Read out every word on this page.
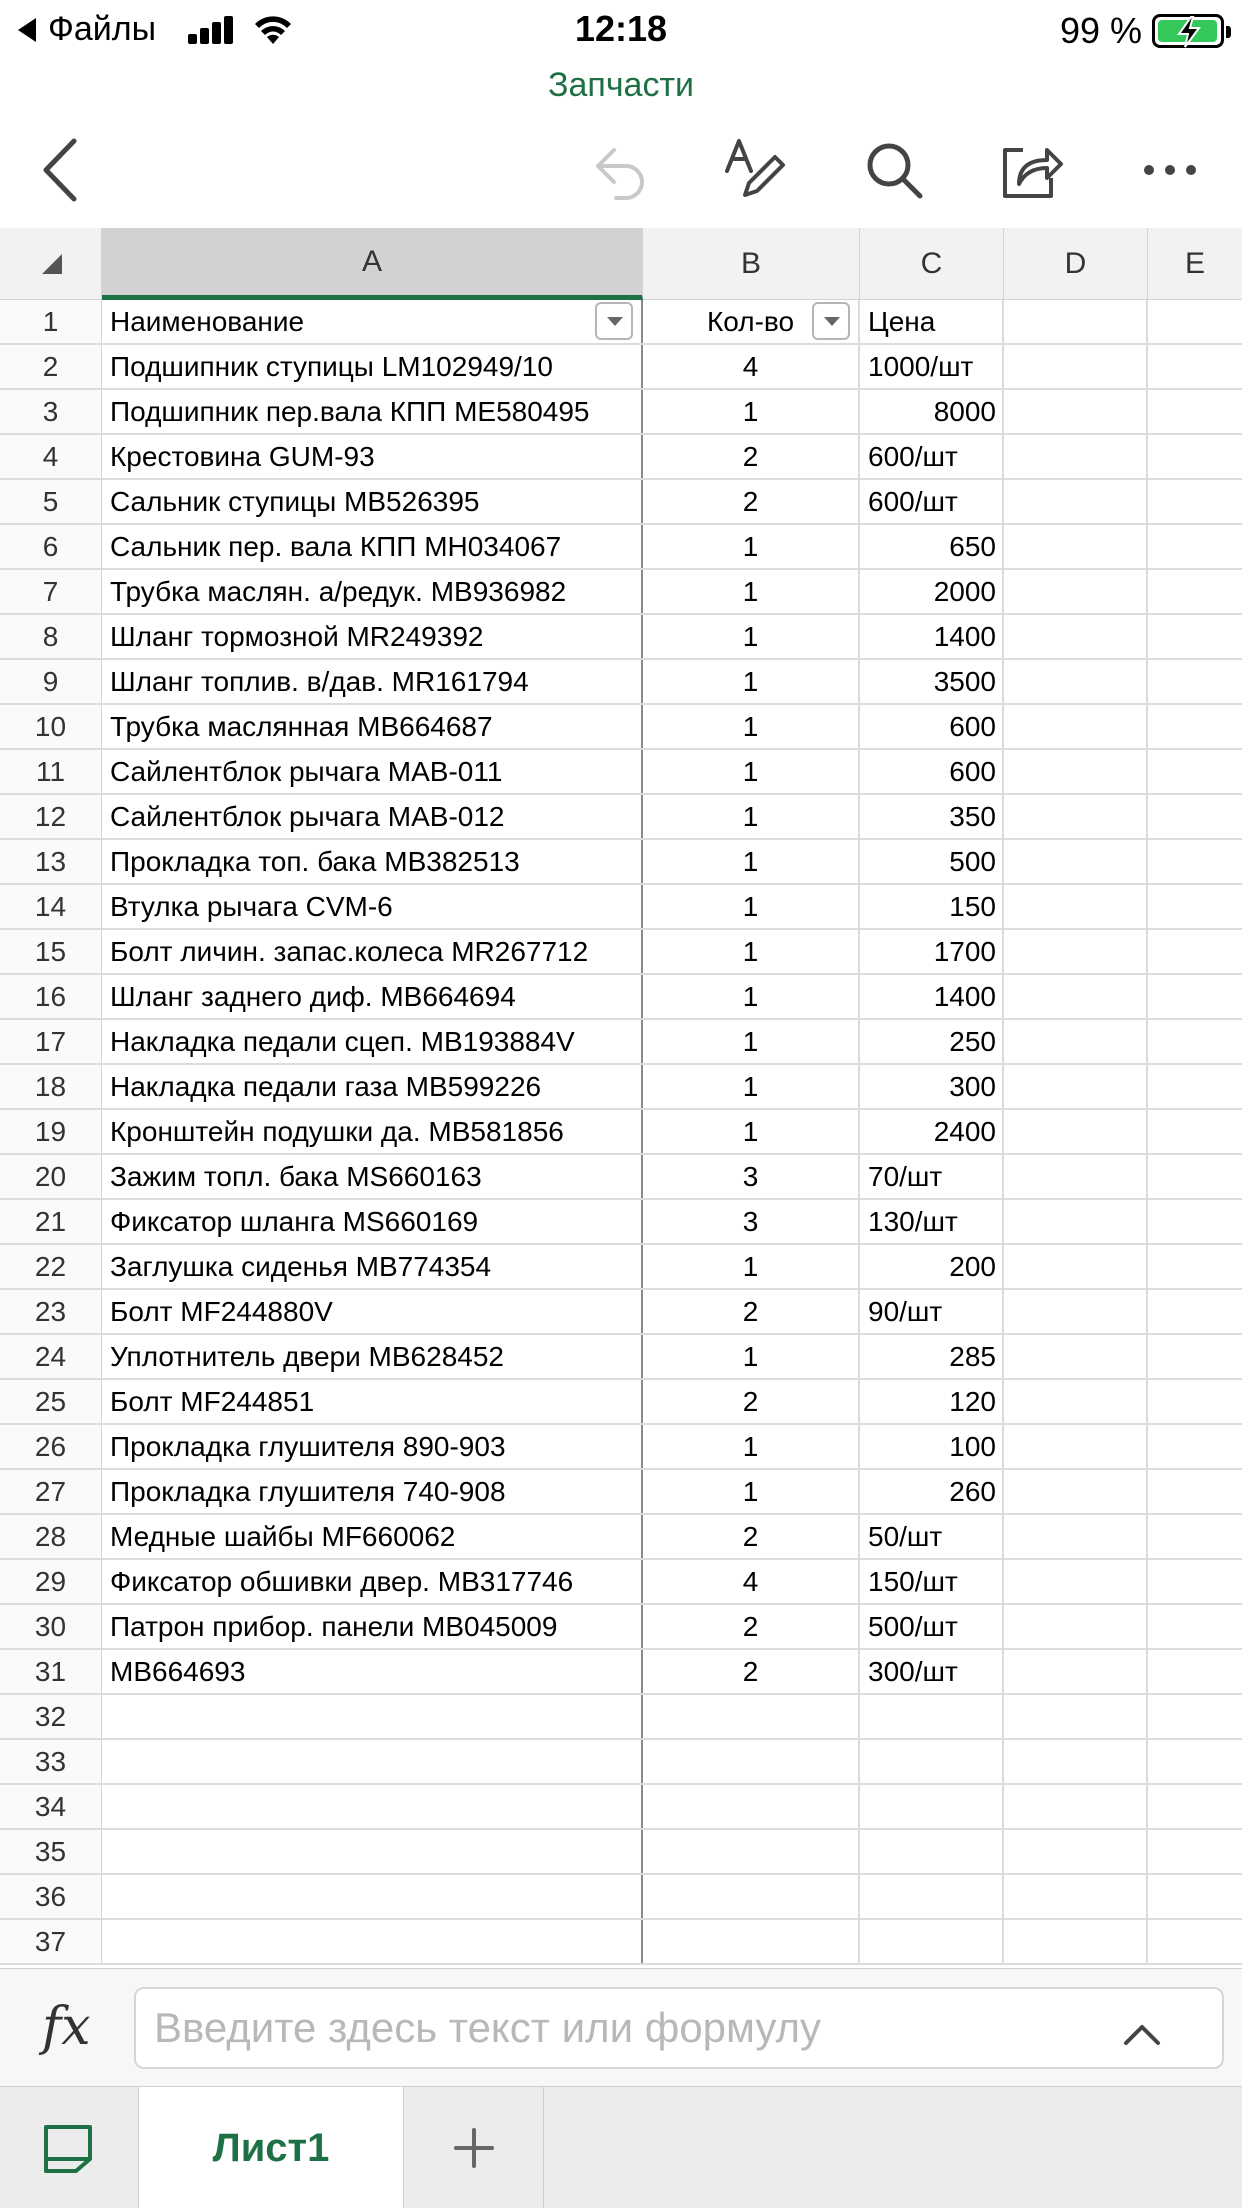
Файлы	12:18	99 %
Запчасти
A	B	C	D	E
1	Наименование	Кол-во	Цена
2	Подшипник ступицы LM102949/10	4	1000/шт
3	Подшипник пер.вала КПП ME580495	1	8000
4	Крестовина GUM-93	2	600/шт
5	Сальник ступицы MB526395	2	600/шт
6	Сальник пер. вала КПП MH034067	1	650
7	Трубка маслян. а/редук. MB936982	1	2000
8	Шланг тормозной MR249392	1	1400
9	Шланг топлив. в/дав. MR161794	1	3500
10	Трубка маслянная MB664687	1	600
11	Сайлентблок рычага MAB-011	1	600
12	Сайлентблок рычага MAB-012	1	350
13	Прокладка топ. бака MB382513	1	500
14	Втулка рычага CVM-6	1	150
15	Болт личин. запас.колеса MR267712	1	1700
16	Шланг заднего диф. MB664694	1	1400
17	Накладка педали сцеп. MB193884V	1	250
18	Накладка педали газа MB599226	1	300
19	Кронштейн подушки да. MB581856	1	2400
20	Зажим топл. бака MS660163	3	70/шт
21	Фиксатор шланга MS660169	3	130/шт
22	Заглушка сиденья MB774354	1	200
23	Болт MF244880V	2	90/шт
24	Уплотнитель двери MB628452	1	285
25	Болт MF244851	2	120
26	Прокладка глушителя 890-903	1	100
27	Прокладка глушителя 740-908	1	260
28	Медные шайбы MF660062	2	50/шт
29	Фиксатор обшивки двер. MB317746	4	150/шт
30	Патрон прибор. панели MB045009	2	500/шт
31	MB664693	2	300/шт
32
33
34
35
36
37
fx	Введите здесь текст или формулу
Лист1
